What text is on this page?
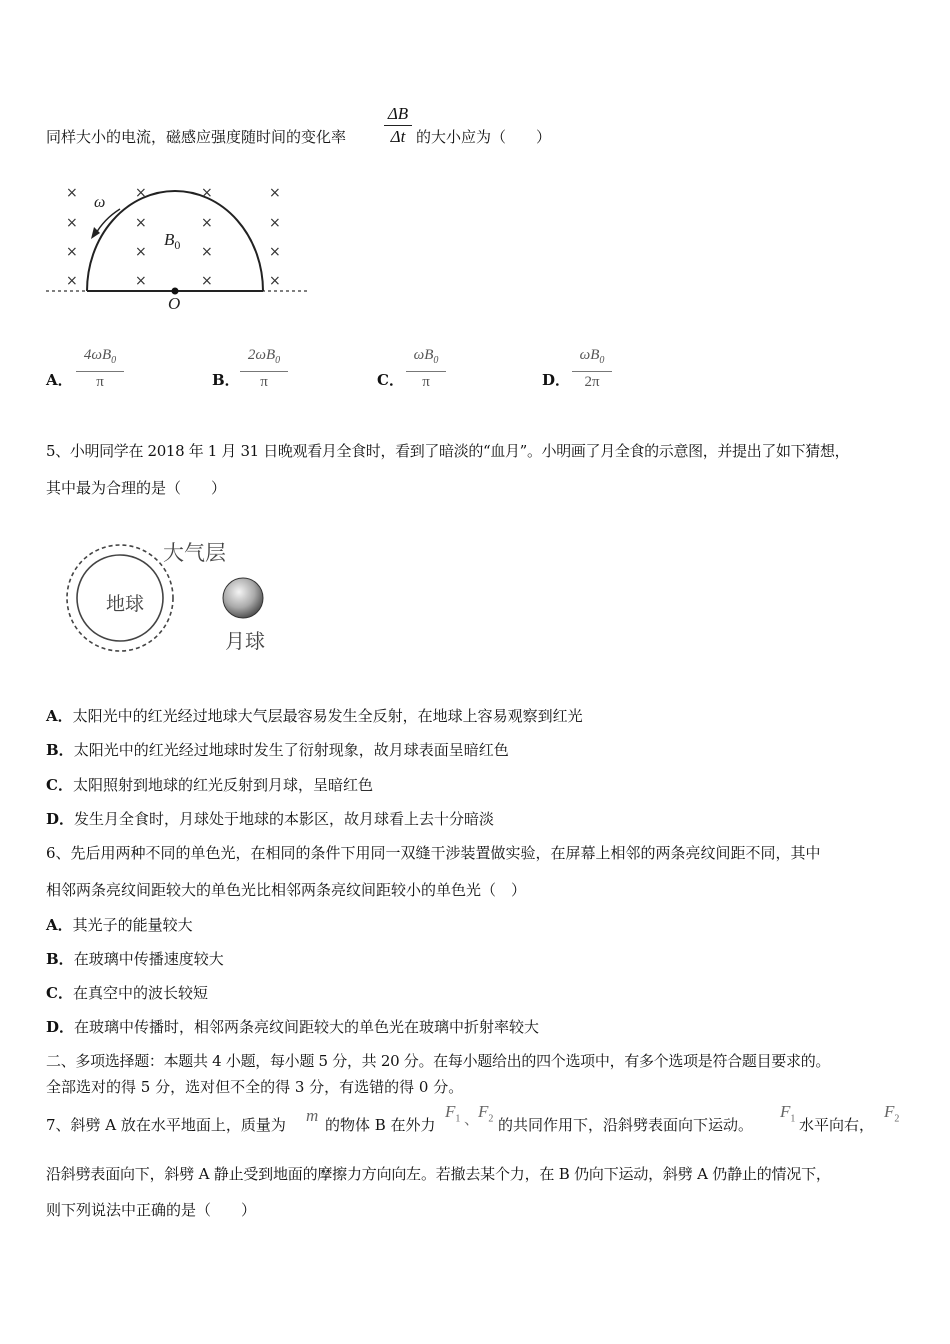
同样大小的电流，磁感应强度随时间的变化率
ΔB
Δt 的大小应为（　　）
×	×	×	×
×	×	×	×
×	×	×	×
×	×	×	×
ω
$B_0$
O
A．
$4\omega B_0$
π	B．
$2\omega B_0$
π	C．
$\omega B_0$
π	D．
$\omega B_0$
2π
5、小明同学在 2018 年 1 月 31 日晚观看月全食时，看到了暗淡的“血月”。小明画了月全食的示意图，并提出了如下猜想，
其中最为合理的是（　　）
大气层
地球
月球
A．太阳光中的红光经过地球大气层最容易发生全反射，在地球上容易观察到红光
B．太阳光中的红光经过地球时发生了衍射现象，故月球表面呈暗红色
C．太阳照射到地球的红光反射到月球，呈暗红色
D．发生月全食时，月球处于地球的本影区，故月球看上去十分暗淡
6、先后用两种不同的单色光，在相同的条件下用同一双缝干涉装置做实验，在屏幕上相邻的两条亮纹间距不同，其中
相邻两条亮纹间距较大的单色光比相邻两条亮纹间距较小的单色光（　）
A．其光子的能量较大
B．在玻璃中传播速度较大
C．在真空中的波长较短
D．在玻璃中传播时，相邻两条亮纹间距较大的单色光在玻璃中折射率较大
二、多项选择题：本题共 4 小题，每小题 5 分，共 20 分。在每小题给出的四个选项中，有多个选项是符合题目要求的。
全部选对的得 5 分，选对但不全的得 3 分，有选错的得 0 分。
7、斜劈 A 放在水平地面上，质量为 m 的物体 B 在外力
$F_1$ 、
$F_2$ 的共同作用下，沿斜劈表面向下运动。
$F_1$ 水平向右，
$F_2$
沿斜劈表面向下，斜劈 A 静止受到地面的摩擦力方向向左。若撤去某个力，在 B 仍向下运动，斜劈 A 仍静止的情况下，
则下列说法中正确的是（　　）
